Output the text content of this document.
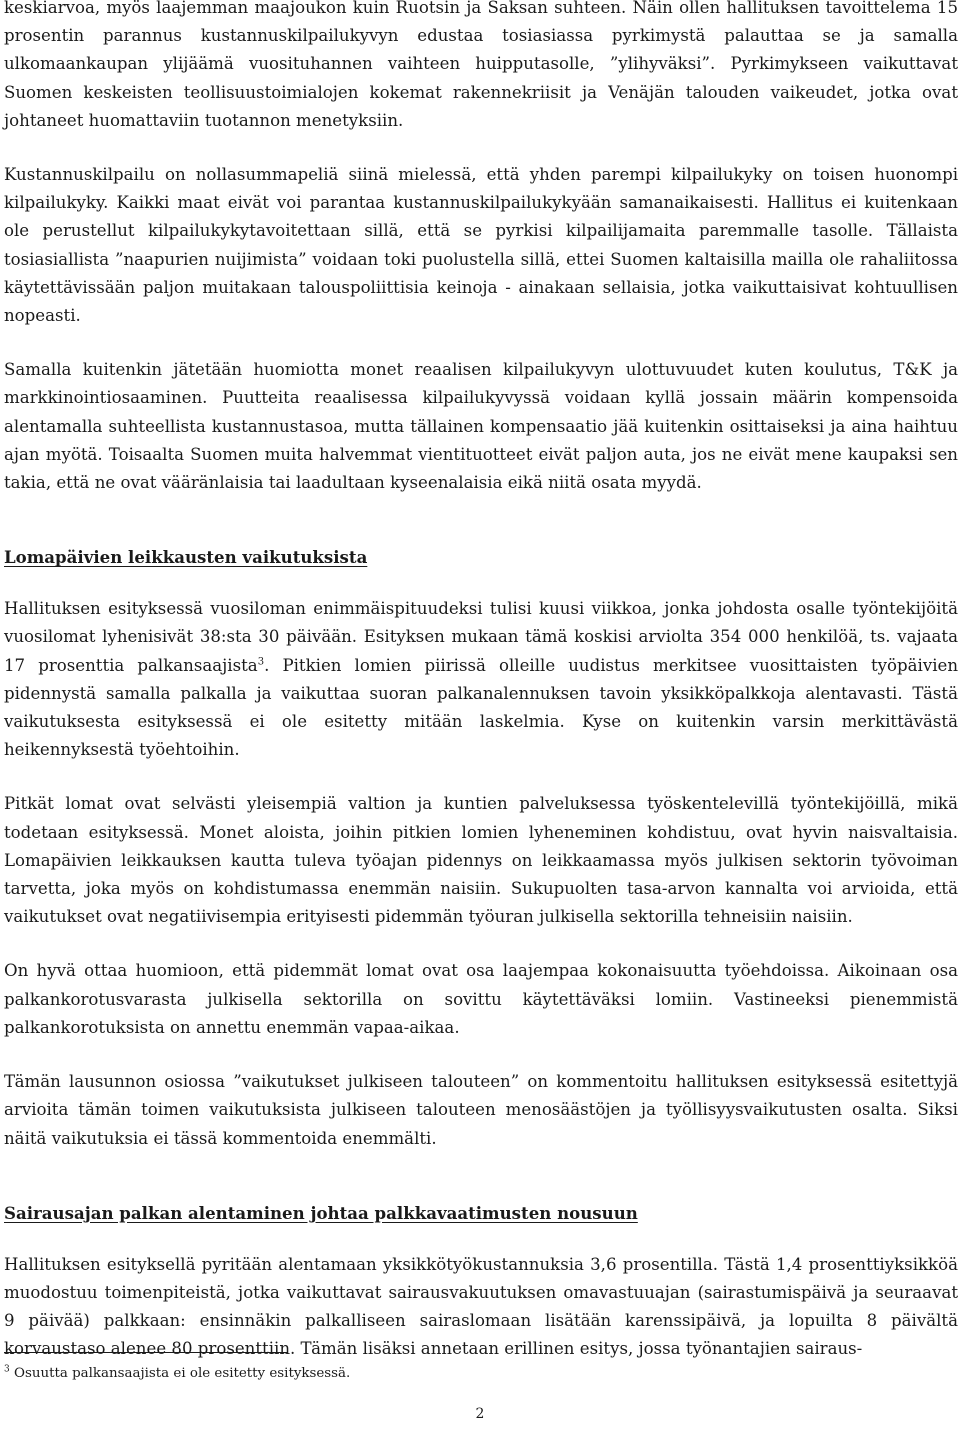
keskiarvoa, myös laajemman maajoukon kuin Ruotsin ja Saksan suhteen. Näin ollen hallituksen tavoittelema 15 prosentin parannus kustannuskilpailukyvyn edustaa tosiasiassa pyrkimystä palauttaa se ja samalla ulkomaankaupan ylijäämä vuosituhannen vaihteen huipputasolle, ”ylihyväksi”. Pyrkimykseen vaikuttavat Suomen keskeisten teollisuustoimialojen kokemat rakennekriisit ja Venäjän talouden vaikeudet, jotka ovat johtaneet huomattaviin tuotannon menetyksiin.

Kustannuskilpailu on nollasummapeliä siinä mielessä, että yhden parempi kilpailukyky on toisen huonompi kilpailukyky. Kaikki maat eivät voi parantaa kustannuskilpailukykyään samanaikaisesti. Hallitus ei kuitenkaan ole perustellut kilpailukykytavoitettaan sillä, että se pyrkisi kilpailijamaita paremmalle tasolle. Tällaista tosiasiallista ”naapurien nuijimista” voidaan toki puolustella sillä, ettei Suomen kaltaisilla mailla ole rahaliitossa käytettävissään paljon muitakaan talouspoliittisia keinoja - ainakaan sellaisia, jotka vaikuttaisivat kohtuullisen nopeasti.

Samalla kuitenkin jätetään huomiotta monet reaalisen kilpailukyvyn ulottuvuudet kuten koulutus, T&K ja markkinointiosaaminen. Puutteita reaalisessa kilpailukyvyssä voidaan kyllä jossain määrin kompensoida alentamalla suhteellista kustannustasoa, mutta tällainen kompensaatio jää kuitenkin osittaiseksi ja aina haihtuu ajan myötä. Toisaalta Suomen muita halvemmat vientituotteet eivät paljon auta, jos ne eivät mene kaupaksi sen takia, että ne ovat vääränlaisia tai laadultaan kyseenalaisia eikä niitä osata myydä.

Lomapäivien leikkausten vaikutuksista

Hallituksen esityksessä vuosiloman enimmäispituudeksi tulisi kuusi viikkoa, jonka johdosta osalle työntekijöitä vuosilomat lyhenisivät 38:sta 30 päivään. Esityksen mukaan tämä koskisi arviolta 354 000 henkilöä, ts. vajaata 17 prosenttia palkansaajista$^3$. Pitkien lomien piirissä olleille uudistus merkitsee vuosittaisten työpäivien pidennystä samalla palkalla ja vaikuttaa suoran palkanalennuksen tavoin yksikköpalkkoja alentavasti. Tästä vaikutuksesta esityksessä ei ole esitetty mitään laskelmia. Kyse on kuitenkin varsin merkittävästä heikennyksestä työehtoihin.

Pitkät lomat ovat selvästi yleisempiä valtion ja kuntien palveluksessa työskentelevillä työntekijöillä, mikä todetaan esityksessä. Monet aloista, joihin pitkien lomien lyheneminen kohdistuu, ovat hyvin naisvaltaisia. Lomapäivien leikkauksen kautta tuleva työajan pidennys on leikkaamassa myös julkisen sektorin työvoiman tarvetta, joka myös on kohdistumassa enemmän naisiin. Sukupuolten tasa-arvon kannalta voi arvioida, että vaikutukset ovat negatiivisempia erityisesti pidemmän työuran julkisella sektorilla tehneisiin naisiin.

On hyvä ottaa huomioon, että pidemmät lomat ovat osa laajempaa kokonaisuutta työehdoissa. Aikoinaan osa palkankorotusvarasta julkisella sektorilla on sovittu käytettäväksi lomiin. Vastineeksi pienemmistä palkankorotuksista on annettu enemmän vapaa-aikaa.

Tämän lausunnon osiossa ”vaikutukset julkiseen talouteen” on kommentoitu hallituksen esityksessä esitettyjä arvioita tämän toimen vaikutuksista julkiseen talouteen menosäästöjen ja työllisyysvaikutusten osalta. Siksi näitä vaikutuksia ei tässä kommentoida enemmälti.

Sairausajan palkan alentaminen johtaa palkkavaatimusten nousuun

Hallituksen esityksellä pyritään alentamaan yksikkötyökustannuksia 3,6 prosentilla. Tästä 1,4 prosenttiyksikköä muodostuu toimenpiteistä, jotka vaikuttavat sairausvakuutuksen omavastuuajan (sairastumispäivä ja seuraavat 9 päivää) palkkaan: ensinnäkin palkalliseen sairaslomaan lisätään karenssipäivä, ja lopuilta 8 päivältä korvaustaso alenee 80 prosenttiin. Tämän lisäksi annetaan erillinen esitys, jossa työnantajien sairaus-

$^3$ Osuutta palkansaajista ei ole esitetty esityksessä.
2
